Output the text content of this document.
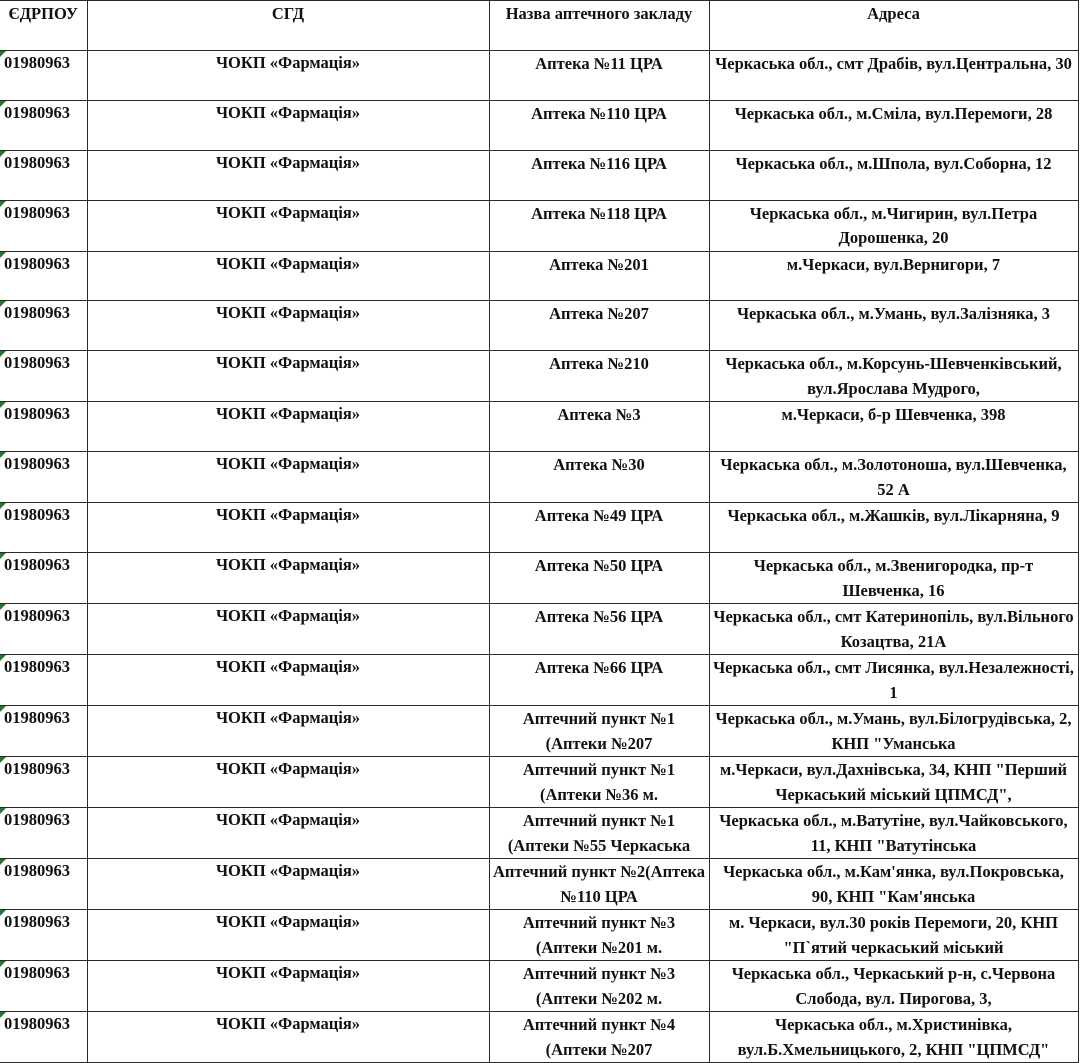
ЄДРПОУ	СГД	Назва аптечного закладу	Адреса

01980963	ЧОКП «Фармація»	Аптека №11 ЦРА	Черкаська обл., смт Драбів, вул.Центральна, 30

01980963	ЧОКП «Фармація»	Аптека №110 ЦРА	Черкаська обл., м.Сміла, вул.Перемоги, 28

01980963	ЧОКП «Фармація»	Аптека №116 ЦРА	Черкаська обл., м.Шпола, вул.Соборна, 12

01980963	ЧОКП «Фармація»	Аптека №118 ЦРА	Черкаська обл., м.Чигирин, вул.Петра Дорошенка, 20

01980963	ЧОКП «Фармація»	Аптека №201	м.Черкаси, вул.Вернигори, 7

01980963	ЧОКП «Фармація»	Аптека №207	Черкаська обл., м.Умань, вул.Залізняка, 3

01980963	ЧОКП «Фармація»	Аптека №210	Черкаська обл., м.Корсунь-Шевченківський, вул.Ярослава Мудрого,

01980963	ЧОКП «Фармація»	Аптека №3	м.Черкаси, б-р Шевченка, 398

01980963	ЧОКП «Фармація»	Аптека №30	Черкаська обл., м.Золотоноша, вул.Шевченка, 52 А

01980963	ЧОКП «Фармація»	Аптека №49 ЦРА	Черкаська обл., м.Жашків, вул.Лікарняна, 9

01980963	ЧОКП «Фармація»	Аптека №50 ЦРА	Черкаська обл., м.Звенигородка, пр-т Шевченка, 16

01980963	ЧОКП «Фармація»	Аптека №56 ЦРА	Черкаська обл., смт Катеринопіль, вул.Вільного Козацтва, 21А

01980963	ЧОКП «Фармація»	Аптека №66 ЦРА	Черкаська обл., смт Лисянка, вул.Незалежності, 1

01980963	ЧОКП «Фармація»	Аптечний пункт №1 (Аптеки №207	Черкаська обл., м.Умань, вул.Білогрудівська, 2, КНП "Уманська

01980963	ЧОКП «Фармація»	Аптечний пункт №1 (Аптеки №36 м.	м.Черкаси, вул.Дахнівська, 34, КНП "Перший Черкаський міський ЦПМСД",

01980963	ЧОКП «Фармація»	Аптечний пункт №1 (Аптеки №55 Черкаська	Черкаська обл., м.Ватутіне, вул.Чайковського, 11, КНП "Ватутінська

01980963	ЧОКП «Фармація»	Аптечний пункт №2(Аптека №110 ЦРА	Черкаська обл., м.Кам'янка, вул.Покровська, 90, КНП "Кам'янська

01980963	ЧОКП «Фармація»	Аптечний пункт №3 (Аптеки №201 м.	м. Черкаси, вул.30 років Перемоги, 20, КНП "П`ятий черкаський міський

01980963	ЧОКП «Фармація»	Аптечний пункт №3 (Аптеки №202 м.	Черкаська обл., Черкаський р-н, с.Червона Слобода, вул. Пирогова, 3,

01980963	ЧОКП «Фармація»	Аптечний пункт №4 (Аптеки №207	Черкаська обл., м.Христинівка, вул.Б.Хмельницького, 2, КНП "ЦПМСД"
